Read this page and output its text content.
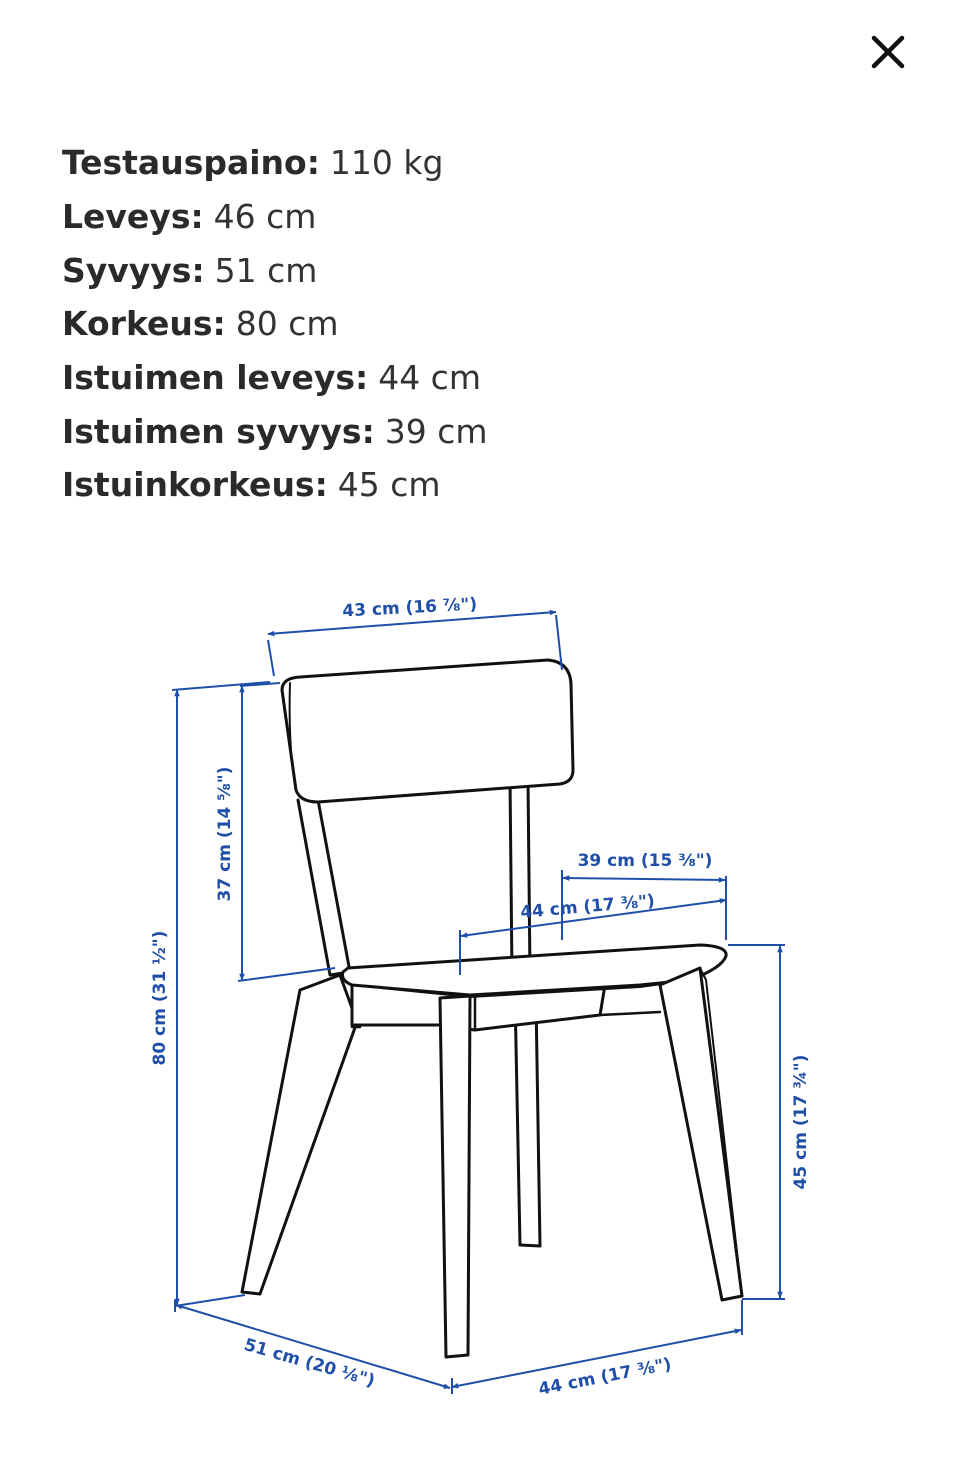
Testauspaino : 110 kg
Leveys : 46 cm
Syvyys : 51 cm
Korkeus : 80 cm
Istuimen leveys : 44 cm
Istuimen syvyys : 39 cm
Istuinkorkeus : 45 cm
43 cm (16 ⅞")
80 cm (31 ½")
37 cm (14 ⅝")	39 cm (15 ⅜")
44 cm (17 ⅜")
45 cm (17 ¾")
51 cm (20 ⅛")	44 cm (17 ⅜")
